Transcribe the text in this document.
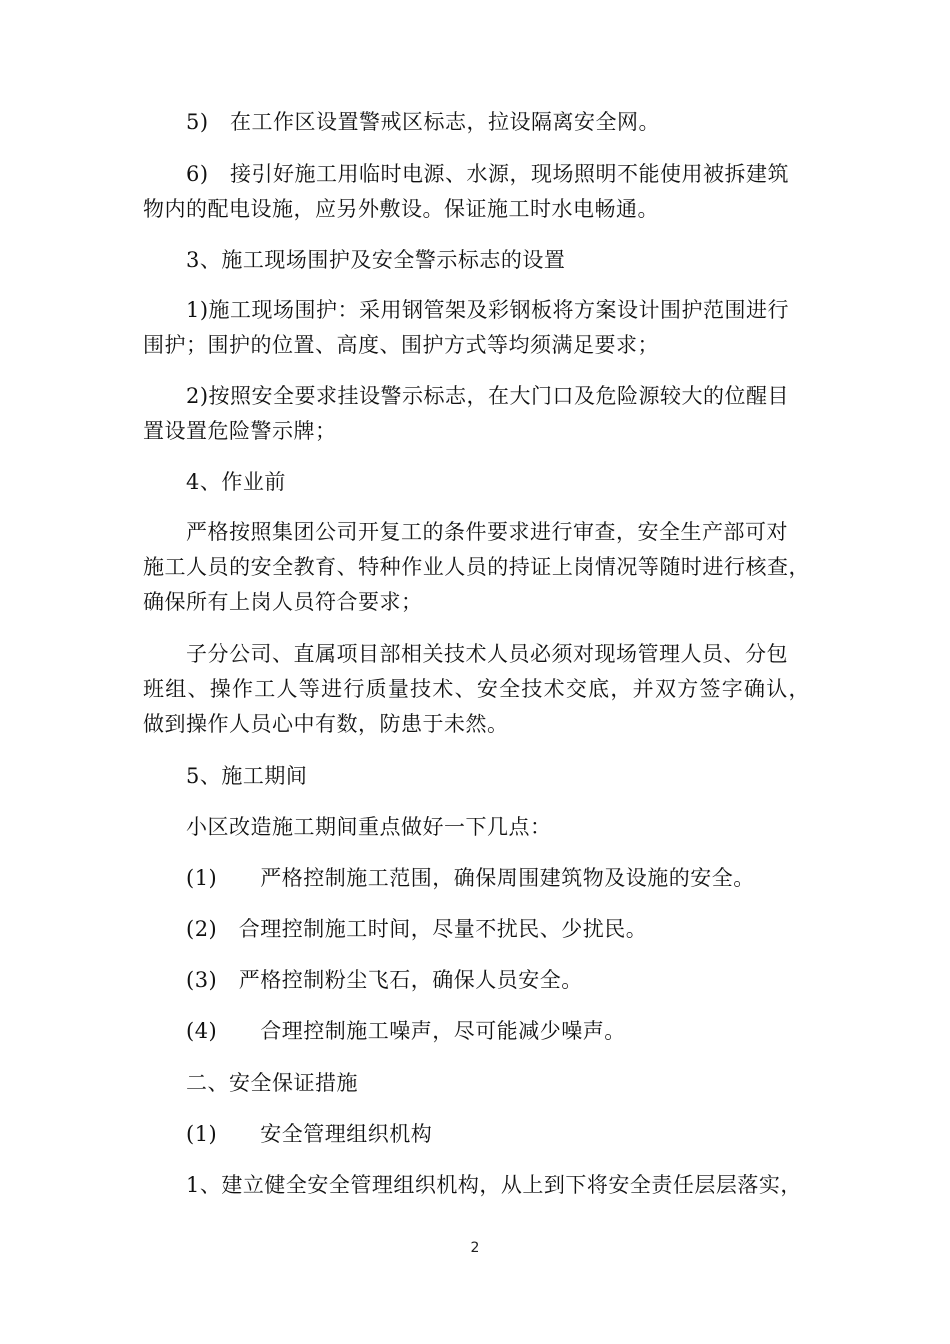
5)　在工作区设置警戒区标志，拉设隔离安全网。
6)　接引好施工用临时电源、水源，现场照明不能使用被拆建筑
物内的配电设施，应另外敷设。保证施工时水电畅通。
3、施工现场围护及安全警示标志的设置
1)施工现场围护：采用钢管架及彩钢板将方案设计围护范围进行
围护；围护的位置、高度、围护方式等均须满足要求；
2)按照安全要求挂设警示标志，在大门口及危险源较大的位醒目
置设置危险警示牌；
4、作业前
严格按照集团公司开复工的条件要求进行审查，安全生产部可对
施工人员的安全教育、特种作业人员的持证上岗情况等随时进行核查，
确保所有上岗人员符合要求；
子分公司、直属项目部相关技术人员必须对现场管理人员、分包
班组、操作工人等进行质量技术、安全技术交底，并双方签字确认，
做到操作人员心中有数，防患于未然。
5、施工期间
小区改造施工期间重点做好一下几点：
(1)　　严格控制施工范围，确保周围建筑物及设施的安全。
(2)　合理控制施工时间，尽量不扰民、少扰民。
(3)　严格控制粉尘飞石，确保人员安全。
(4)　　合理控制施工噪声，尽可能减少噪声。
二、安全保证措施
(1)　　安全管理组织机构
1、建立健全安全管理组织机构，从上到下将安全责任层层落实，
2
